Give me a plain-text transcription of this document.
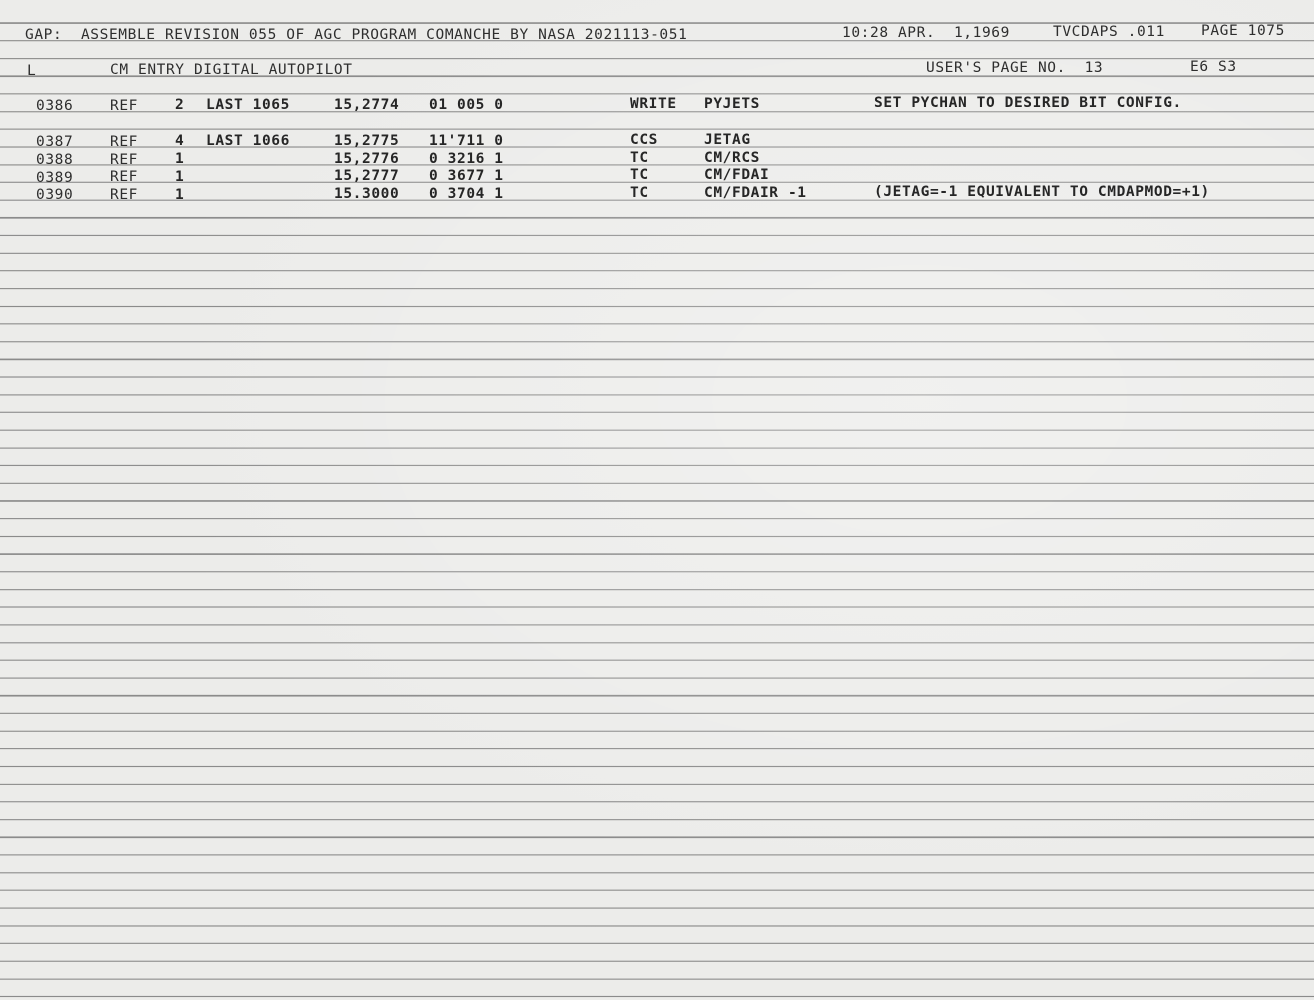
GAP:  ASSEMBLE REVISION 055 OF AGC PROGRAM COMANCHE BY NASA 2021113-051	10:28 APR.  1,1969	TVCDAPS .011 PAGE 1075
L	CM ENTRY DIGITAL AUTOPILOT	USER'S PAGE NO.  13	E6 S3
0386	REF	2 LAST 1065	15,2774 01 005 0	WRITE PYJETS	SET PYCHAN TO DESIRED BIT CONFIG.
0387	REF	4 LAST 1066	15,2775 11'711 0	CCS	JETAG
0388	REF	1	15,2776 0 3216 1	TC	CM/RCS
0389	REF	1	15,2777 0 3677 1	TC	CM/FDAI
0390	REF	1	15.3000 0 3704 1	TC	CM/FDAIR -1	(JETAG=-1 EQUIVALENT TO CMDAPMOD=+1)
